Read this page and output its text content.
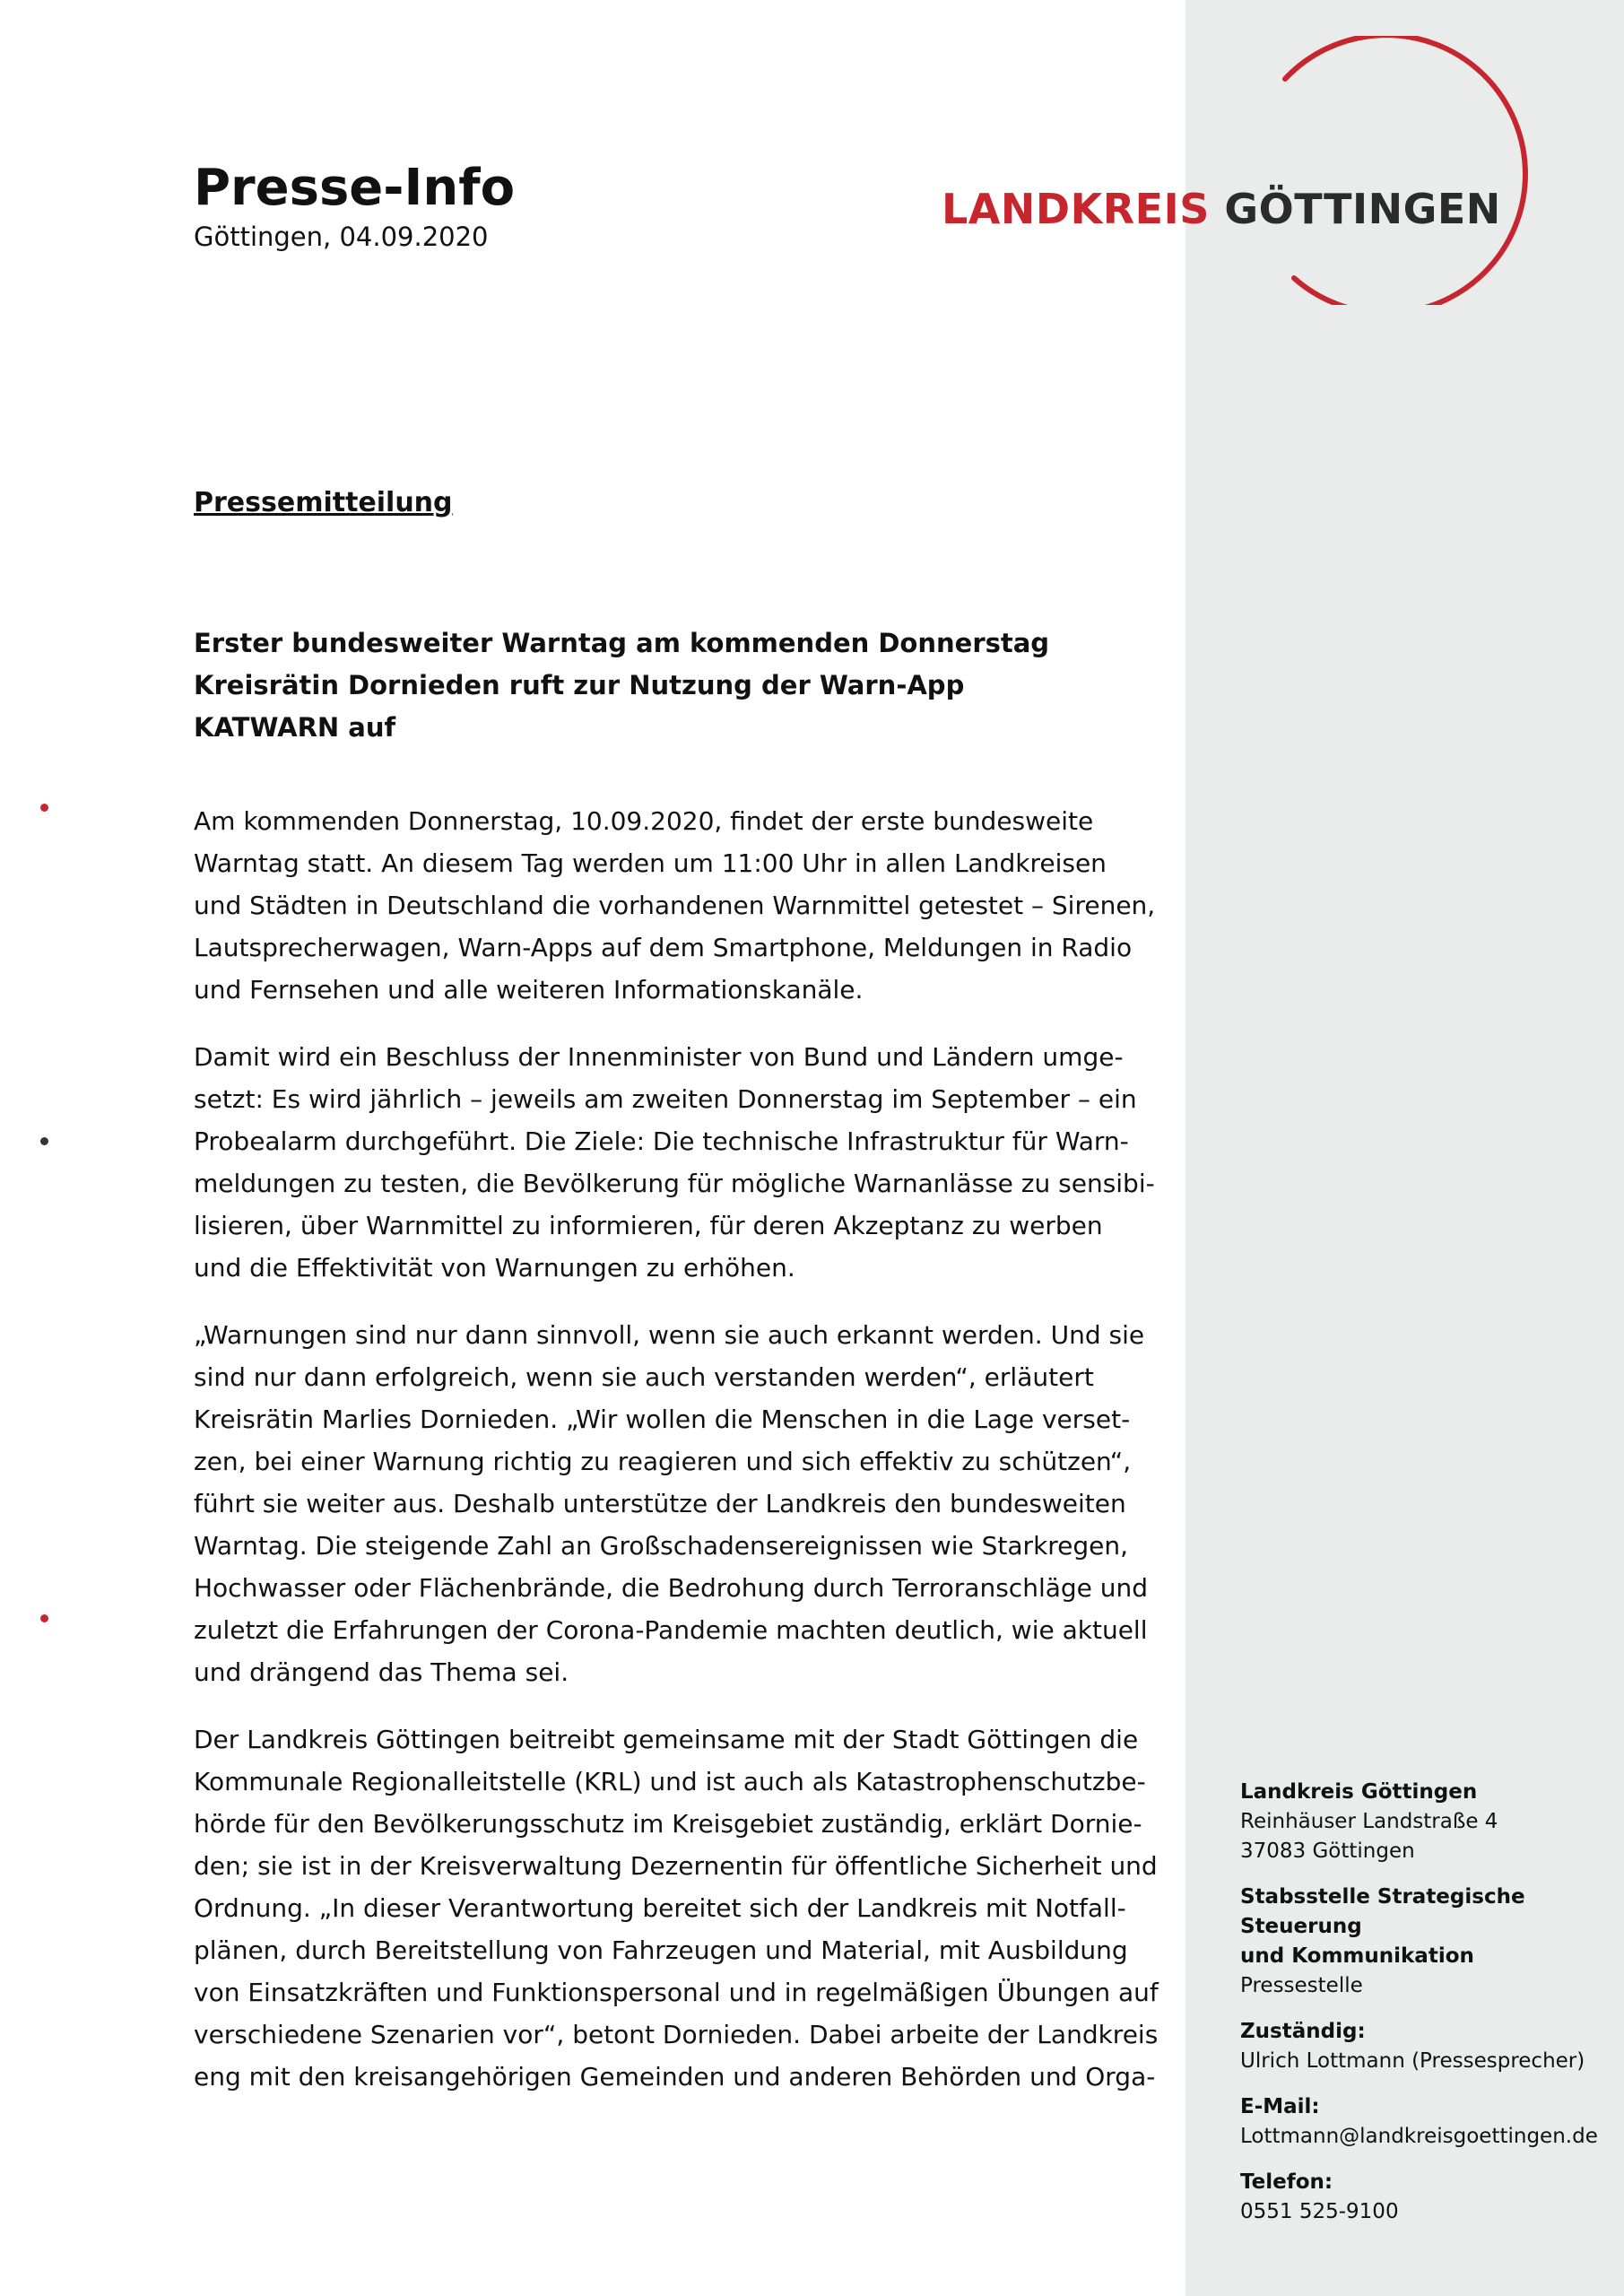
Presse-Info
Göttingen, 04.09.2020
LANDKREIS GÖTTINGEN
Pressemitteilung
Erster bundesweiter Warntag am kommenden Donnerstag
Kreisrätin Dornieden ruft zur Nutzung der Warn-App KATWARN auf

Am kommenden Donnerstag, 10.09.2020, findet der erste bundesweite
Warntag statt. An diesem Tag werden um 11:00 Uhr in allen Landkreisen
und Städten in Deutschland die vorhandenen Warnmittel getestet – Sirenen,
Lautsprecherwagen, Warn-Apps auf dem Smartphone, Meldungen in Radio
und Fernsehen und alle weiteren Informationskanäle.

Damit wird ein Beschluss der Innenminister von Bund und Ländern umge-
setzt: Es wird jährlich – jeweils am zweiten Donnerstag im September – ein
Probealarm durchgeführt. Die Ziele: Die technische Infrastruktur für Warn-
meldungen zu testen, die Bevölkerung für mögliche Warnanlässe zu sensibi-
lisieren, über Warnmittel zu informieren, für deren Akzeptanz zu werben
und die Effektivität von Warnungen zu erhöhen.

„Warnungen sind nur dann sinnvoll, wenn sie auch erkannt werden. Und sie
sind nur dann erfolgreich, wenn sie auch verstanden werden“, erläutert
Kreisrätin Marlies Dornieden. „Wir wollen die Menschen in die Lage verset-
zen, bei einer Warnung richtig zu reagieren und sich effektiv zu schützen“,
führt sie weiter aus. Deshalb unterstütze der Landkreis den bundesweiten
Warntag. Die steigende Zahl an Großschadensereignissen wie Starkregen,
Hochwasser oder Flächenbrände, die Bedrohung durch Terroranschläge und
zuletzt die Erfahrungen der Corona-Pandemie machten deutlich, wie aktuell
und drängend das Thema sei.

Der Landkreis Göttingen beitreibt gemeinsame mit der Stadt Göttingen die
Kommunale Regionalleitstelle (KRL) und ist auch als Katastrophenschutzbe-
hörde für den Bevölkerungsschutz im Kreisgebiet zuständig, erklärt Dornie-
den; sie ist in der Kreisverwaltung Dezernentin für öffentliche Sicherheit und
Ordnung. „In dieser Verantwortung bereitet sich der Landkreis mit Notfall-
plänen, durch Bereitstellung von Fahrzeugen und Material, mit Ausbildung
von Einsatzkräften und Funktionspersonal und in regelmäßigen Übungen auf
verschiedene Szenarien vor“, betont Dornieden. Dabei arbeite der Landkreis
eng mit den kreisangehörigen Gemeinden und anderen Behörden und Orga-

Landkreis Göttingen
Reinhäuser Landstraße 4
37083 Göttingen
Stabsstelle Strategische Steuerung
und Kommunikation
Pressestelle
Zuständig:
Ulrich Lottmann (Pressesprecher)
E-Mail:
Lottmann@landkreisgoettingen.de
Telefon:
0551 525-9100
